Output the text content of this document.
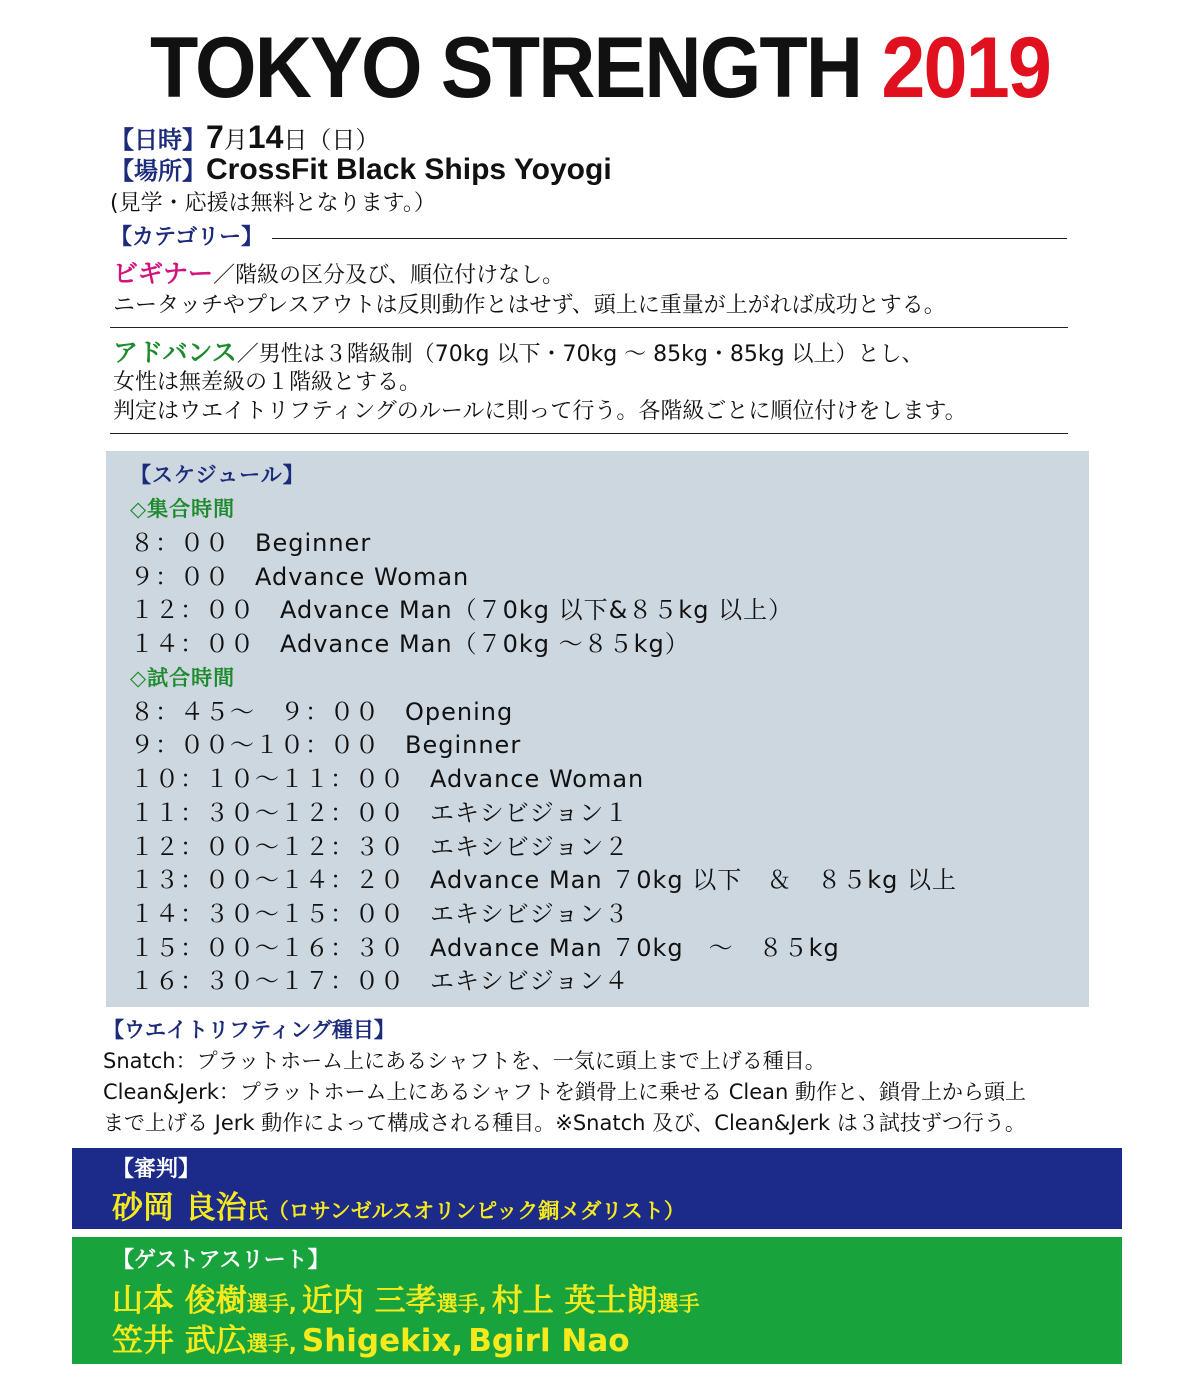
TOKYO STRENGTH 2019
【日時】7月14日（日）
【場所】CrossFit Black Ships Yoyogi
(見学・応援は無料となります。）
【カテゴリー】
ビギナー／階級の区分及び、順位付けなし。
ニータッチやプレスアウトは反則動作とはせず、頭上に重量が上がれば成功とする。
アドバンス／男性は３階級制（70kg 以下・70kg ～ 85kg・85kg 以上）とし、
女性は無差級の１階級とする。
判定はウエイトリフティングのルールに則って行う。各階級ごとに順位付けをします。
【スケジュール】
◇集合時間
８：００　Beginner
９：００　Advance Woman
１２：００　Advance Man（７0kg 以下&８５kg 以上）
１４：００　Advance Man（７0kg ～８５kg）
◇試合時間
８：４５～　９：００　Opening
９：００～１０：００　Beginner
１０：１０～１１：００　Advance Woman
１１：３０～１２：００　エキシビジョン１
１２：００～１２：３０　エキシビジョン２
１３：００～１４：２０　Advance Man ７0kg 以下　＆　８５kg 以上
１４：３０～１５：００　エキシビジョン３
１５：００～１６：３０　Advance Man ７0kg　～　８５kg
１６：３０～１７：００　エキシビジョン４
【ウエイトリフティング種目】
Snatch：プラットホーム上にあるシャフトを、一気に頭上まで上げる種目。
Clean&Jerk：プラットホーム上にあるシャフトを鎖骨上に乗せる Clean 動作と、鎖骨上から頭上
まで上げる Jerk 動作によって構成される種目。※Snatch 及び、Clean&Jerk は３試技ずつ行う。
【審判】
砂岡 良治氏（ロサンゼルスオリンピック銅メダリスト）
【ゲストアスリート】
山本 俊樹選手, 近内 三孝選手, 村上 英士朗選手
笠井 武広選手, Shigekix, Bgirl Nao
